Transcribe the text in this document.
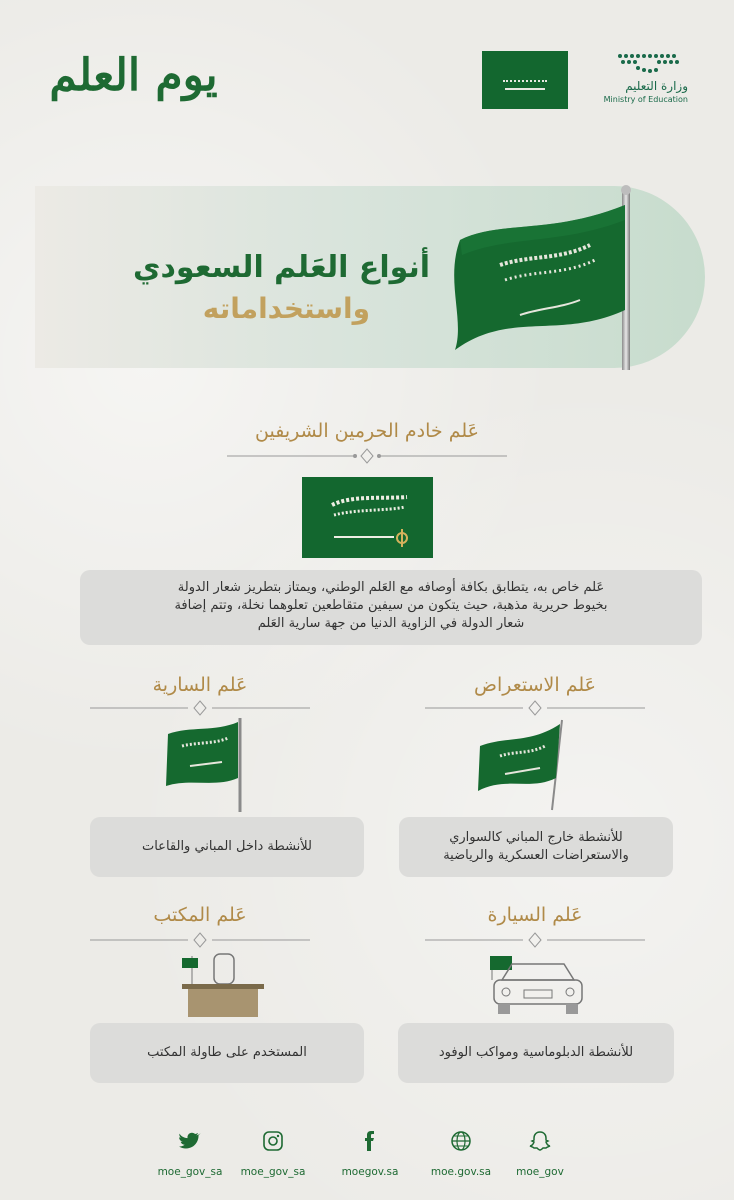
يوم العلم	وزارة التعليم
Ministry of Education
أنواع العَلم السعودي
واستخداماته
عَلم خادم الحرمين الشريفين
عَلم خاص به، يتطابق بكافة أوصافه مع العَلم الوطني، ويمتاز بتطريز شعار الدولة
بخيوط حريرية مذهبة، حيث يتكون من سيفين متقاطعين تعلوهما نخلة، وتتم إضافة
شعار الدولة في الزاوية الدنيا من جهة سارية العَلم
عَلم الاستعراض
للأنشطة خارج المباني كالسواري
والاستعراضات العسكرية والرياضية
عَلم السارية
للأنشطة داخل المباني والقاعات
عَلم السيارة
للأنشطة الدبلوماسية ومواكب الوفود
عَلم المكتب
المستخدم على طاولة المكتب
moe_gov
moe.gov.sa
moegov.sa
moe_gov_sa
moe_gov_sa
